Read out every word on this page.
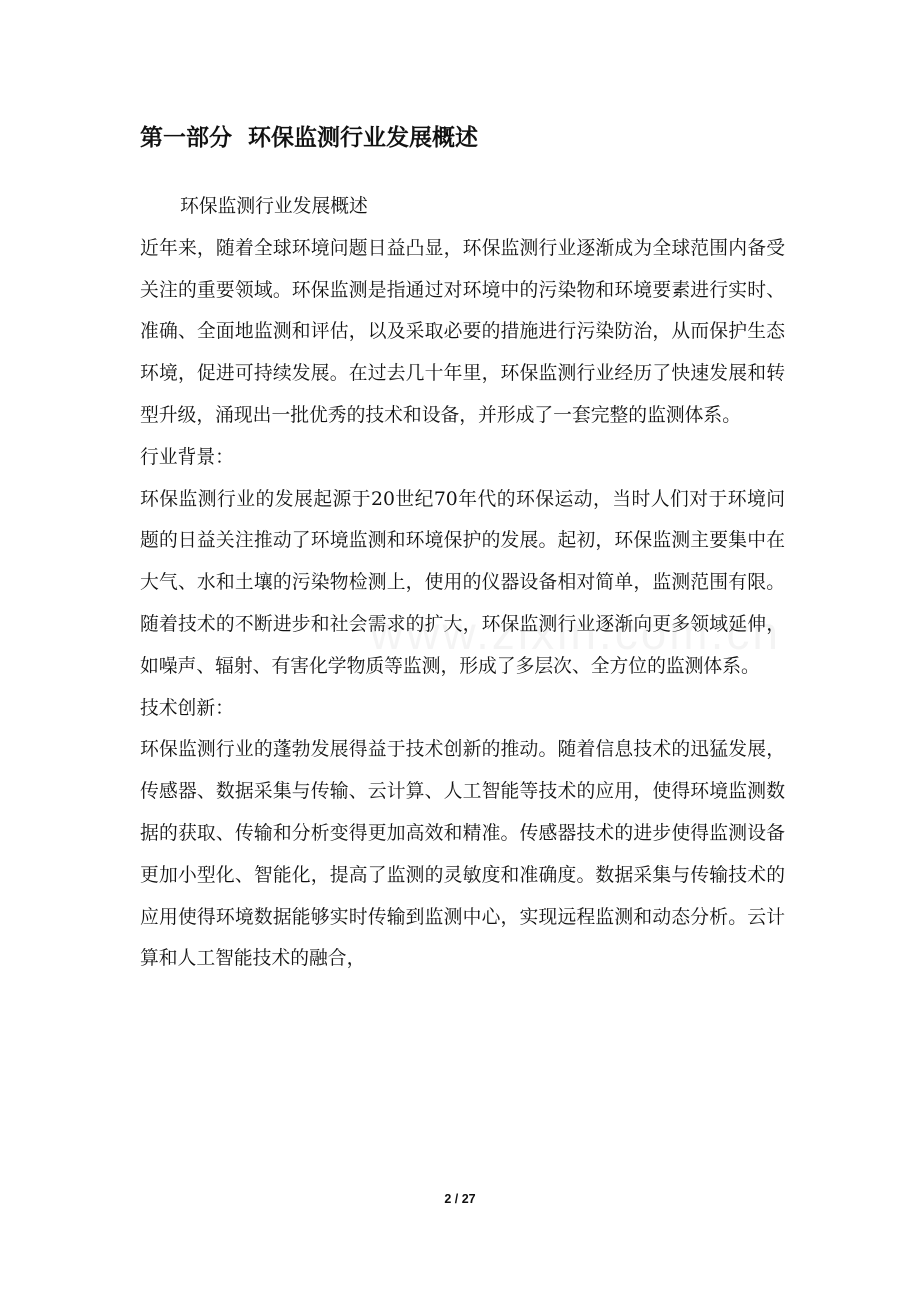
第一部分  环保监测行业发展概述

环保监测行业发展概述

近年来，随着全球环境问题日益凸显，环保监测行业逐渐成为全球范围内备受关注的重要领域。环保监测是指通过对环境中的污染物和环境要素进行实时、准确、全面地监测和评估，以及采取必要的措施进行污染防治，从而保护生态环境，促进可持续发展。在过去几十年里，环保监测行业经历了快速发展和转型升级，涌现出一批优秀的技术和设备，并形成了一套完整的监测体系。

行业背景：

环保监测行业的发展起源于20世纪70年代的环保运动，当时人们对于环境问题的日益关注推动了环境监测和环境保护的发展。起初，环保监测主要集中在大气、水和土壤的污染物检测上，使用的仪器设备相对简单，监测范围有限。随着技术的不断进步和社会需求的扩大，环保监测行业逐渐向更多领域延伸，如噪声、辐射、有害化学物质等监测，形成了多层次、全方位的监测体系。

技术创新：

环保监测行业的蓬勃发展得益于技术创新的推动。随着信息技术的迅猛发展，传感器、数据采集与传输、云计算、人工智能等技术的应用，使得环境监测数据的获取、传输和分析变得更加高效和精准。传感器技术的进步使得监测设备更加小型化、智能化，提高了监测的灵敏度和准确度。数据采集与传输技术的应用使得环境数据能够实时传输到监测中心，实现远程监测和动态分析。云计算和人工智能技术的融合，

2 / 27
